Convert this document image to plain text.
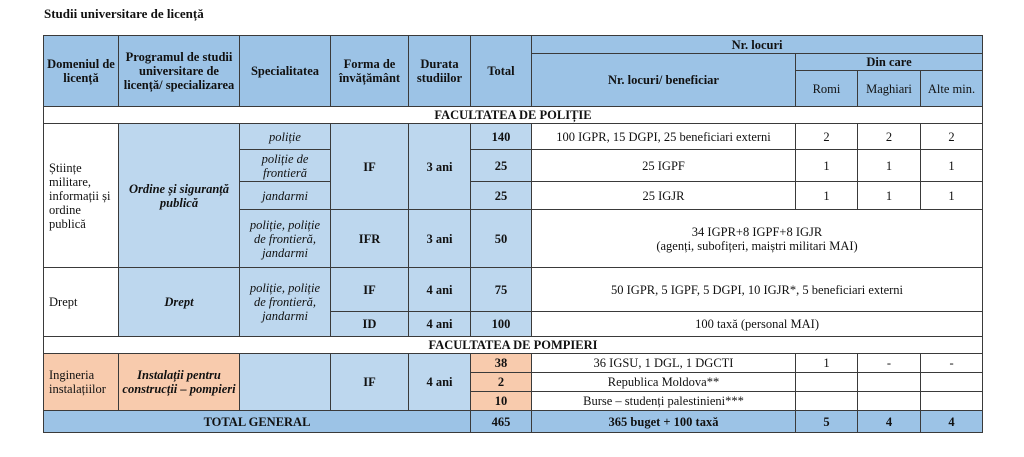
Studii universitare de licență
Domeniul de licență	Programul de studii universitare de licență/ specializarea	Specialitatea	Forma de învățământ	Durata studiilor	Total	Nr. locuri			
						Nr. locuri/ beneficiar	Din care		
							Romi	Maghiari	Alte min.
FACULTATEA DE POLIȚIE									
Științe militare, informații și ordine publică	Ordine și siguranță publică	poliție	IF	3 ani	140	100 IGPR, 15 DGPI, 25 beneficiari externi	2	2	2
		poliție de frontieră			25	25 IGPF	1	1	1
		jandarmi			25	25 IGJR	1	1	1
		poliție, poliție de frontieră, jandarmi	IFR	3 ani	50	34 IGPR+8 IGPF+8 IGJR
(agenți, subofițeri, maiștri militari MAI)			

Drept	Drept	poliție, poliție de frontieră, jandarmi	IF	4 ani	75	50 IGPR, 5 IGPF, 5 DGPI, 10 IGJR*, 5 beneficiari externi			
			ID	4 ani	100	100 taxă (personal MAI)			
FACULTATEA DE POMPIERI									
Ingineria instalațiilor	Instalații pentru construcții – pompieri		IF	4 ani	38	36 IGSU, 1 DGL, 1 DGCTI	1	-	-
					2	Republica Moldova**			
					10	Burse – studenți palestinieni***			
TOTAL GENERAL					465	365 buget + 100 taxă	5	4	4
